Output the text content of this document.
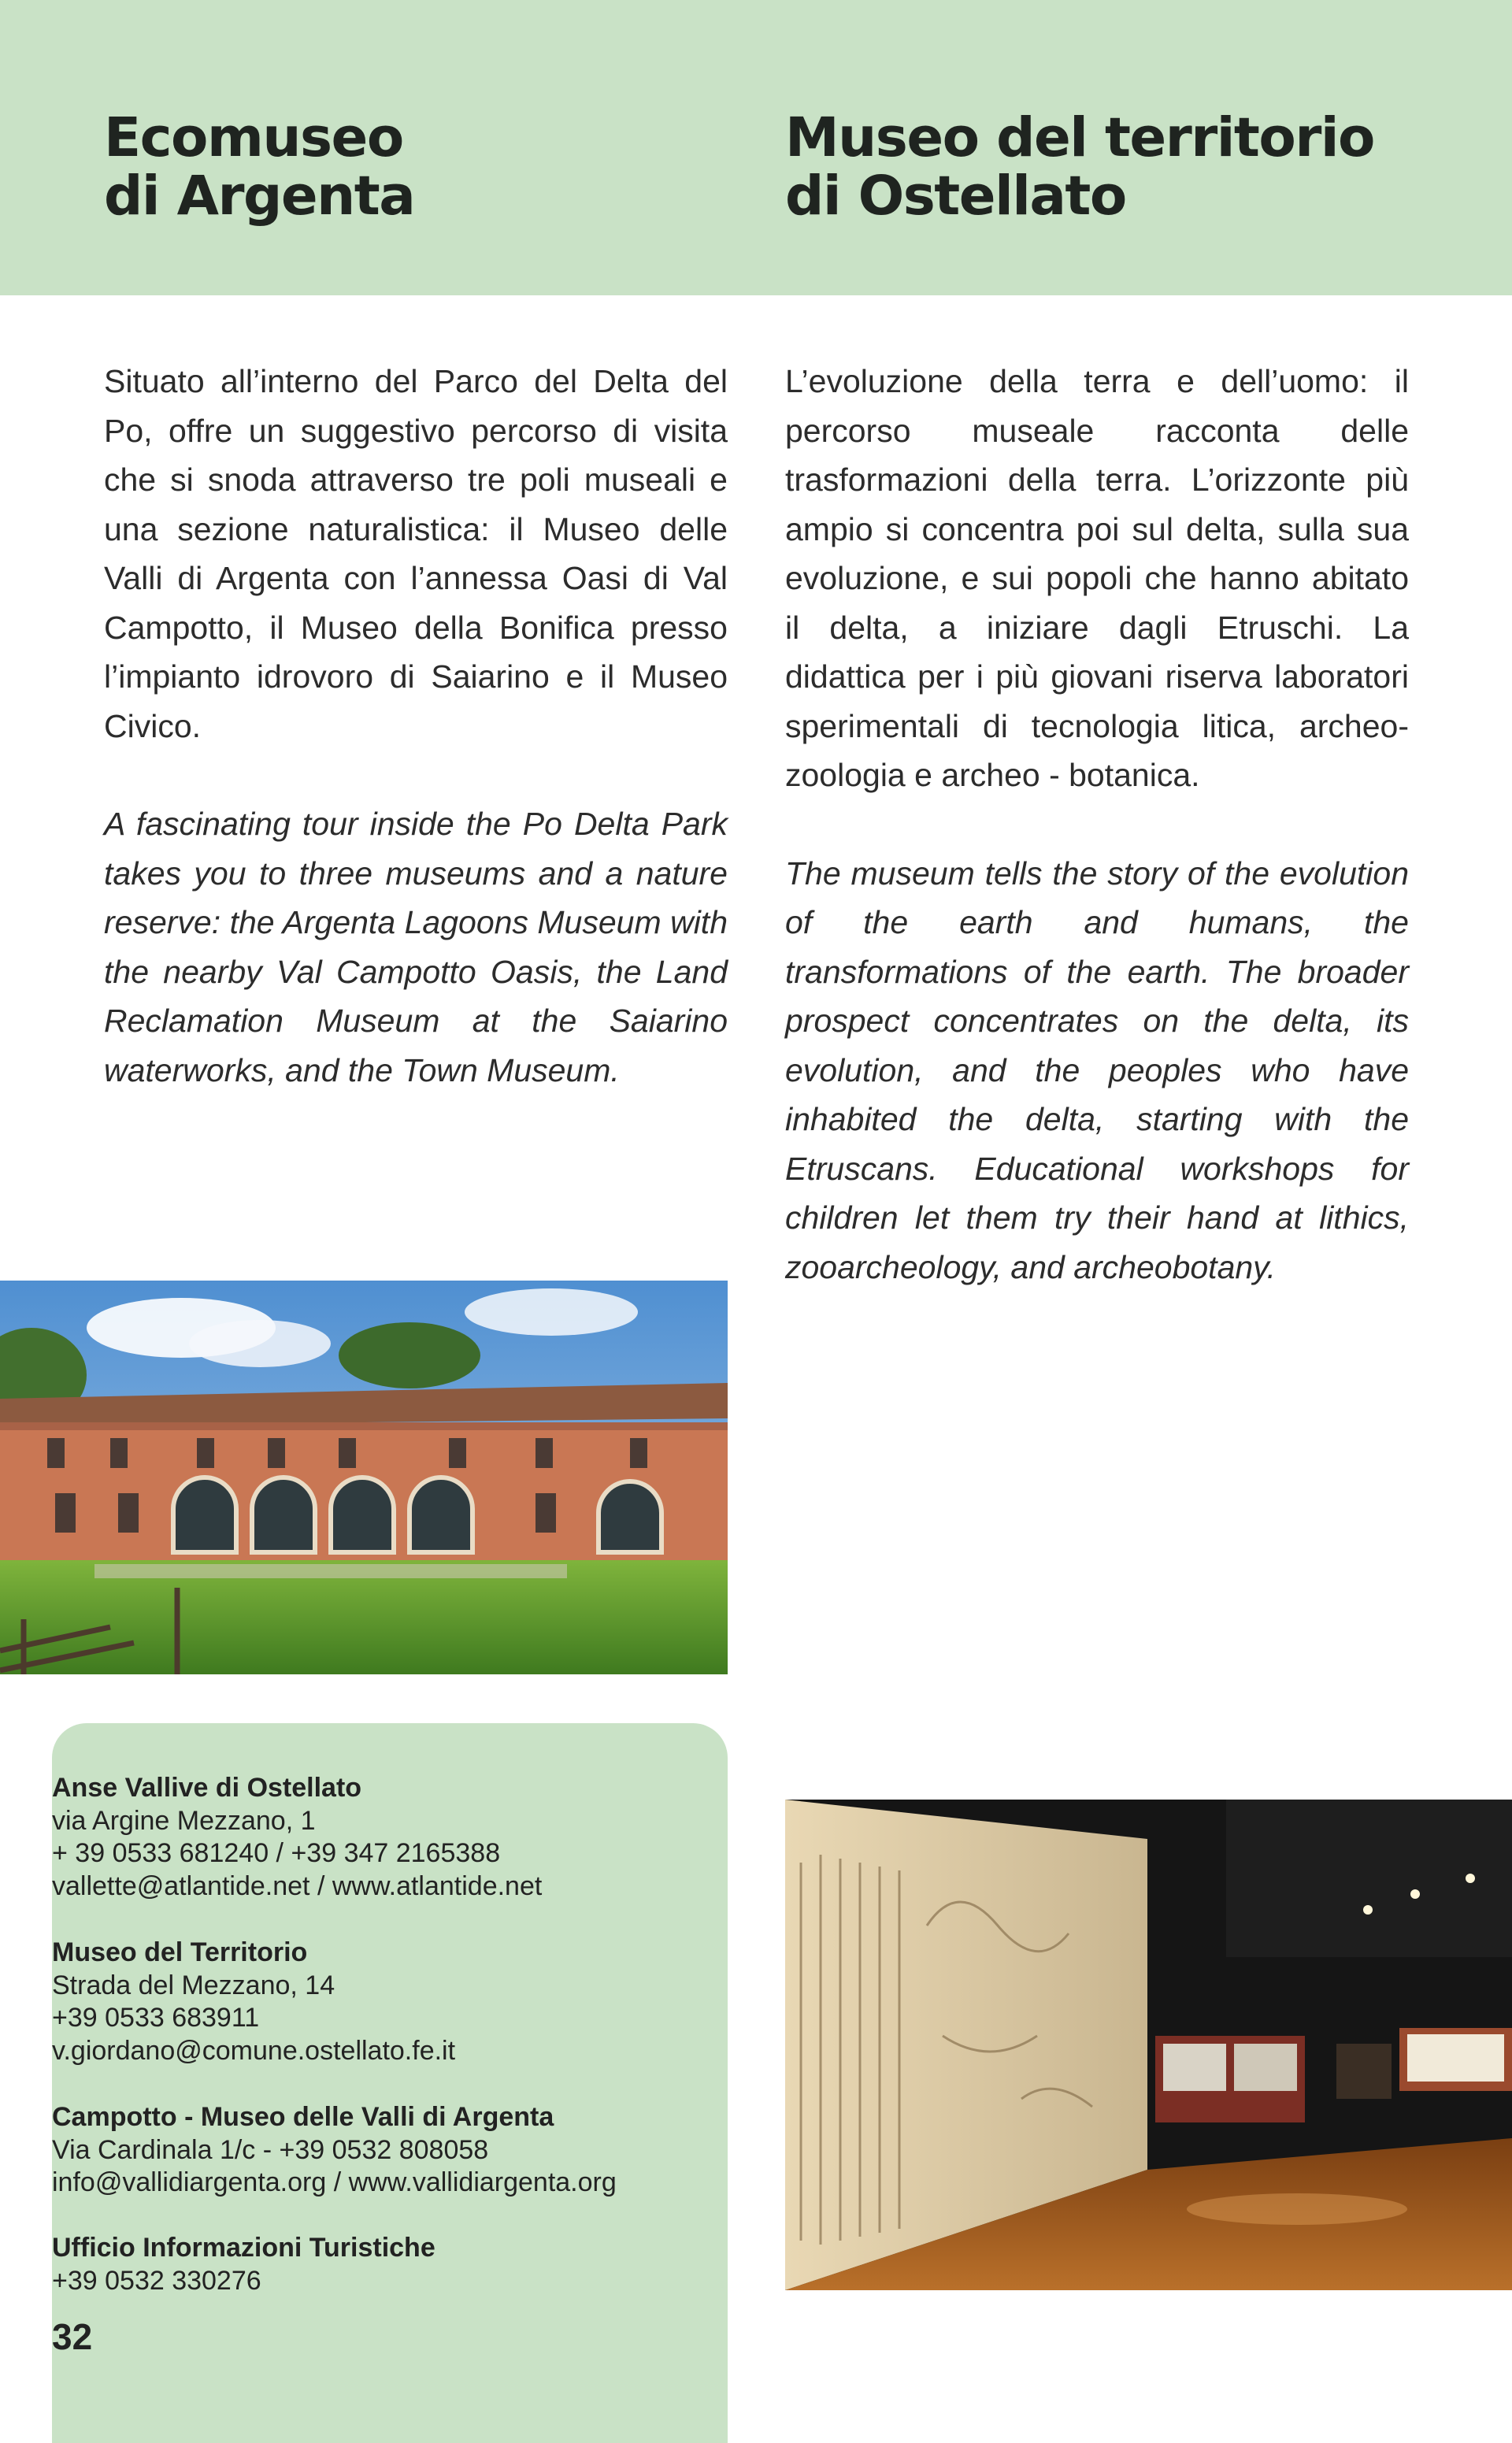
Ecomuseo
di Argenta
Museo del territorio
di Ostellato

Situato all’interno del Parco del Delta del Po, offre un suggestivo percorso di visita che si snoda attraverso tre poli museali e una sezione naturalistica: il Museo delle Valli di Argenta con l’annessa Oasi di Val Campotto, il Museo della Bonifica presso l’impianto idrovoro di Saiarino e il Museo Civico.

A fascinating tour inside the Po Delta Park takes you to three museums and a nature reserve: the Argenta Lagoons Museum with the nearby Val Campotto Oasis, the Land Reclamation Museum at the Saiarino waterworks, and the Town Museum.

L’evoluzione della terra e dell’uomo: il percorso museale racconta delle trasformazioni della terra. L’orizzonte più ampio si concentra poi sul delta, sulla sua evoluzione, e sui popoli che hanno abitato il delta, a iniziare dagli Etruschi. La didattica per i più giovani riserva laboratori sperimentali di tecnologia litica, archeo-zoologia e archeo - botanica.

The museum tells the story of the evolution of the earth and humans, the transformations of the earth. The broader prospect concentrates on the delta, its evolution, and the peoples who have inhabited the delta, starting with the Etruscans. Educational workshops for children let them try their hand at lithics, zooarcheology, and archeobotany.

Anse Vallive di Ostellato
via Argine Mezzano, 1
+ 39 0533 681240 / +39 347 2165388
vallette@atlantide.net / www.atlantide.net
Museo del Territorio
Strada del Mezzano, 14
+39 0533 683911
v.giordano@comune.ostellato.fe.it
Campotto - Museo delle Valli di Argenta
Via Cardinala 1/c - +39 0532 808058
info@vallidiargenta.org / www.vallidiargenta.org
Ufficio Informazioni Turistiche
+39 0532 330276
32
